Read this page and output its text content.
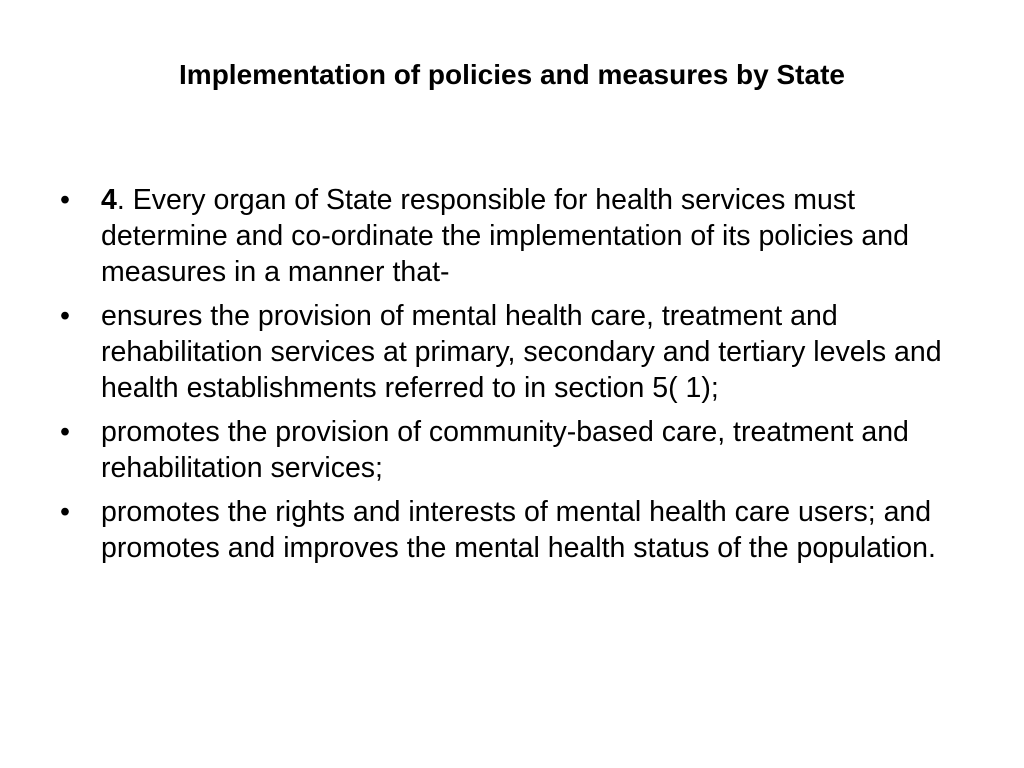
Implementation of policies and measures by State
•	4. Every organ of State responsible for health services must determine and co-ordinate the implementation of its policies and measures in a manner that-
•	ensures the provision of mental health care, treatment and rehabilitation services at primary, secondary and tertiary levels and health establishments referred to in section 5( 1);
•	promotes the provision of community-based care, treatment and rehabilitation services;
•	promotes the rights and interests of mental health care users; and promotes and improves the mental health status of the population.
